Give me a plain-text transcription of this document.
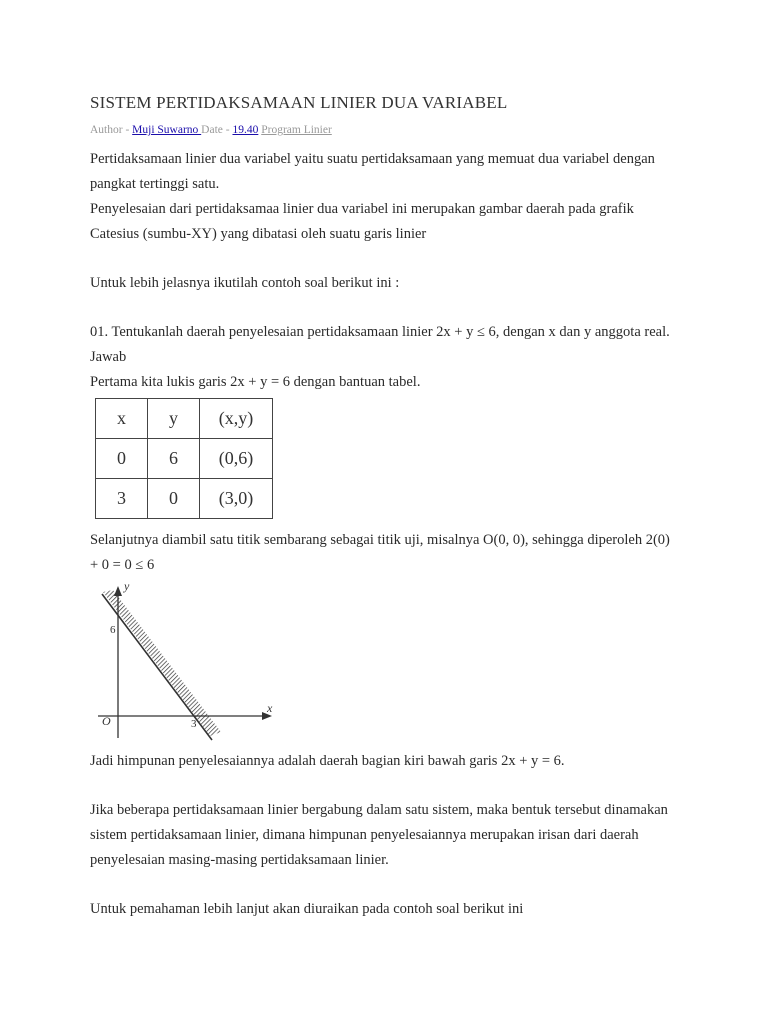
SISTEM PERTIDAKSAMAAN LINIER DUA VARIABEL
Author - Muji Suwarno Date - 19.40 Program Linier
Pertidaksamaan linier dua variabel yaitu suatu pertidaksamaan yang memuat dua variabel dengan
pangkat tertinggi satu.
Penyelesaian dari pertidaksamaa linier dua variabel ini merupakan gambar daerah pada grafik
Catesius (sumbu-XY) yang dibatasi oleh suatu garis linier
Untuk lebih jelasnya ikutilah contoh soal berikut ini :
01. Tentukanlah daerah penyelesaian pertidaksamaan linier 2x + y ≤ 6, dengan x dan y anggota real.
Jawab
Pertama kita lukis garis 2x + y = 6 dengan bantuan tabel.
x	y	(x,y)
0	6	(0,6)
3	0	(3,0)
Selanjutnya diambil satu titik sembarang sebagai titik uji, misalnya O(0, 0), sehingga diperoleh 2(0)
+ 0 = 0 ≤ 6
y
x
O
6
3
Jadi himpunan penyelesaiannya adalah daerah bagian kiri bawah garis 2x + y = 6.
Jika beberapa pertidaksamaan linier bergabung dalam satu sistem, maka bentuk tersebut dinamakan
sistem pertidaksamaan linier, dimana himpunan penyelesaiannya merupakan irisan dari daerah
penyelesaian masing-masing pertidaksamaan linier.
Untuk pemahaman lebih lanjut akan diuraikan pada contoh soal berikut ini
